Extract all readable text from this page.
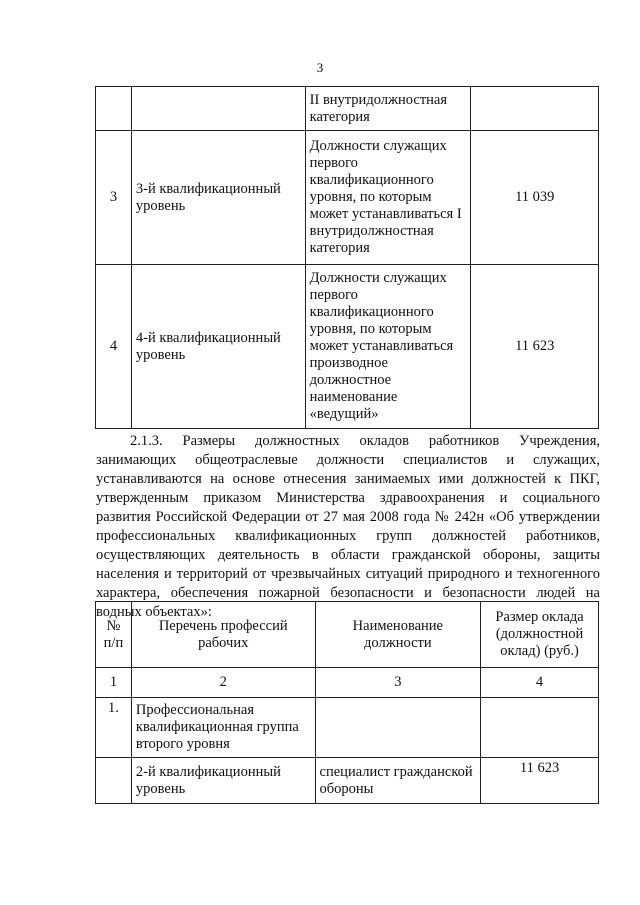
3
		II внутридолжностная категория	
3	3-й квалификационный уровень	Должности служащих первого квалификационного уровня, по которым может устанавливаться I внутридолжностная категория	11 039
4	4-й квалификационный уровень	Должности служащих первого квалификационного уровня, по которым может устанавливаться производное должностное наименование «ведущий»	11 623
2.1.3. Размеры должностных окладов работников Учреждения, занимающих общеотраслевые должности специалистов и служащих, устанавливаются на основе отнесения занимаемых ими должностей к ПКГ, утвержденным приказом Министерства здравоохранения и социального развития Российской Федерации от 27 мая 2008 года № 242н «Об утверждении профессиональных квалификационных групп должностей работников, осуществляющих деятельность в области гражданской обороны, защиты населения и территорий от чрезвычайных ситуаций природного и техногенного характера, обеспечения пожарной безопасности и безопасности людей на водных объектах»:
№ п/п	Перечень профессий рабочих	Наименование должности	Размер оклада (должностной оклад) (руб.)
1	2	3	4
1.	Профессиональная квалификационная группа второго уровня		
	2-й квалификационный уровень	специалист гражданской обороны	11 623
